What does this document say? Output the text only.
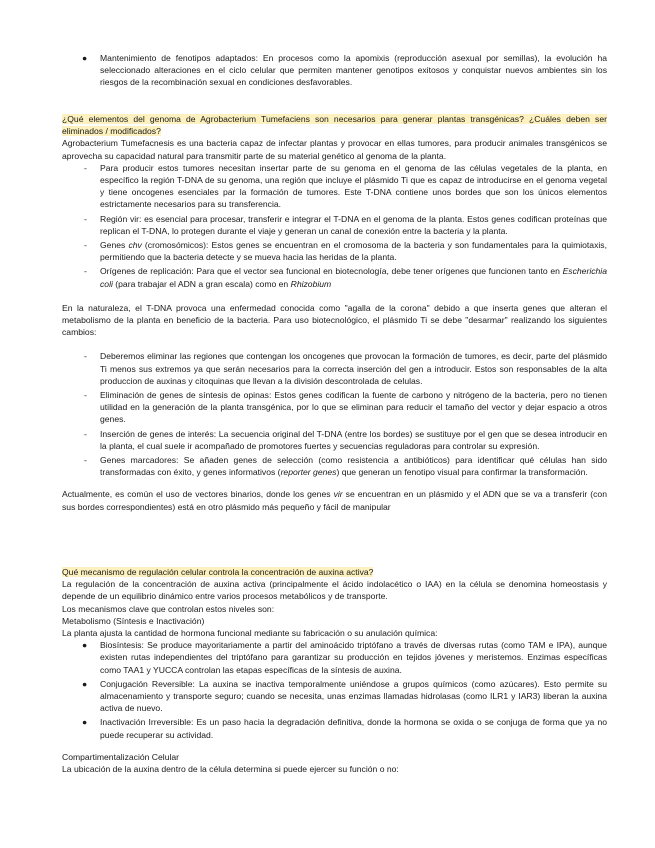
● Mantenimiento de fenotipos adaptados: En procesos como la apomixis (reproducción asexual por semillas), la evolución ha seleccionado alteraciones en el ciclo celular que permiten mantener genotipos exitosos y conquistar nuevos ambientes sin los riesgos de la recombinación sexual en condiciones desfavorables.

¿Qué elementos del genoma de Agrobacterium Tumefaciens son necesarios para generar plantas transgénicas? ¿Cuáles deben ser eliminados / modificados?

Agrobacterium Tumefacnesis es una bacteria capaz de infectar plantas y provocar en ellas tumores, para producir animales transgénicos se aprovecha su capacidad natural para transmitir parte de su material genético al genoma de la planta.

- Para producir estos tumores necesitan insertar parte de su genoma en el genoma de las células vegetales de la planta, en específico la región T-DNA de su genoma, una región que incluye el plásmido Ti que es capaz de introducirse en el genoma vegetal y tiene oncogenes esenciales par la formación de tumores. Este T-DNA contiene unos bordes que son los únicos elementos estrictamente necesarios para su transferencia.
- Región vir: es esencial para procesar, transferir e integrar el T-DNA en el genoma de la planta. Estos genes codifican proteínas que replican el T-DNA, lo protegen durante el viaje y generan un canal de conexión entre la bacteria y la planta.
- Genes chv (cromosómicos): Estos genes se encuentran en el cromosoma de la bacteria y son fundamentales para la quimiotaxis, permitiendo que la bacteria detecte y se mueva hacia las heridas de la planta.
- Orígenes de replicación: Para que el vector sea funcional en biotecnología, debe tener orígenes que funcionen tanto en Escherichia coli (para trabajar el ADN a gran escala) como en Rhizobium

En la naturaleza, el T-DNA provoca una enfermedad conocida como "agalla de la corona" debido a que inserta genes que alteran el metabolismo de la planta en beneficio de la bacteria. Para uso biotecnológico, el plásmido Ti se debe "desarmar" realizando los siguientes cambios:

- Deberemos eliminar las regiones que contengan los oncogenes que provocan la formación de tumores, es decir, parte del plásmido Ti menos sus extremos ya que serán necesarios para la correcta inserción del gen a introducir. Estos son responsables de la alta produccion de auxinas y citoquinas que llevan a la división descontrolada de celulas.
- Eliminación de genes de síntesis de opinas: Estos genes codifican la fuente de carbono y nitrógeno de la bacteria, pero no tienen utilidad en la generación de la planta transgénica, por lo que se eliminan para reducir el tamaño del vector y dejar espacio a otros genes.
- Inserción de genes de interés: La secuencia original del T-DNA (entre los bordes) se sustituye por el gen que se desea introducir en la planta, el cual suele ir acompañado de promotores fuertes y secuencias reguladoras para controlar su expresión.
- Genes marcadores: Se añaden genes de selección (como resistencia a antibióticos) para identificar qué células han sido transformadas con éxito, y genes informativos (reporter genes) que generan un fenotipo visual para confirmar la transformación.

Actualmente, es común el uso de vectores binarios, donde los genes vir se encuentran en un plásmido y el ADN que se va a transferir (con sus bordes correspondientes) está en otro plásmido más pequeño y fácil de manipular

Qué mecanismo de regulación celular controla la concentración de auxina activa?

La regulación de la concentración de auxina activa (principalmente el ácido indolacético o IAA) en la célula se denomina homeostasis y depende de un equilibrio dinámico entre varios procesos metabólicos y de transporte.

Los mecanismos clave que controlan estos niveles son:

Metabolismo (Síntesis e Inactivación)

La planta ajusta la cantidad de hormona funcional mediante su fabricación o su anulación química:

● Biosíntesis: Se produce mayoritariamente a partir del aminoácido triptófano a través de diversas rutas (como TAM e IPA), aunque existen rutas independientes del triptófano para garantizar su producción en tejidos jóvenes y meristemos. Enzimas específicas como TAA1 y YUCCA controlan las etapas específicas de la síntesis de auxina.
● Conjugación Reversible: La auxina se inactiva temporalmente uniéndose a grupos químicos (como azúcares). Esto permite su almacenamiento y transporte seguro; cuando se necesita, unas enzimas llamadas hidrolasas (como ILR1 y IAR3) liberan la auxina activa de nuevo.
● Inactivación Irreversible: Es un paso hacia la degradación definitiva, donde la hormona se oxida o se conjuga de forma que ya no puede recuperar su actividad.

Compartimentalización Celular

La ubicación de la auxina dentro de la célula determina si puede ejercer su función o no:
